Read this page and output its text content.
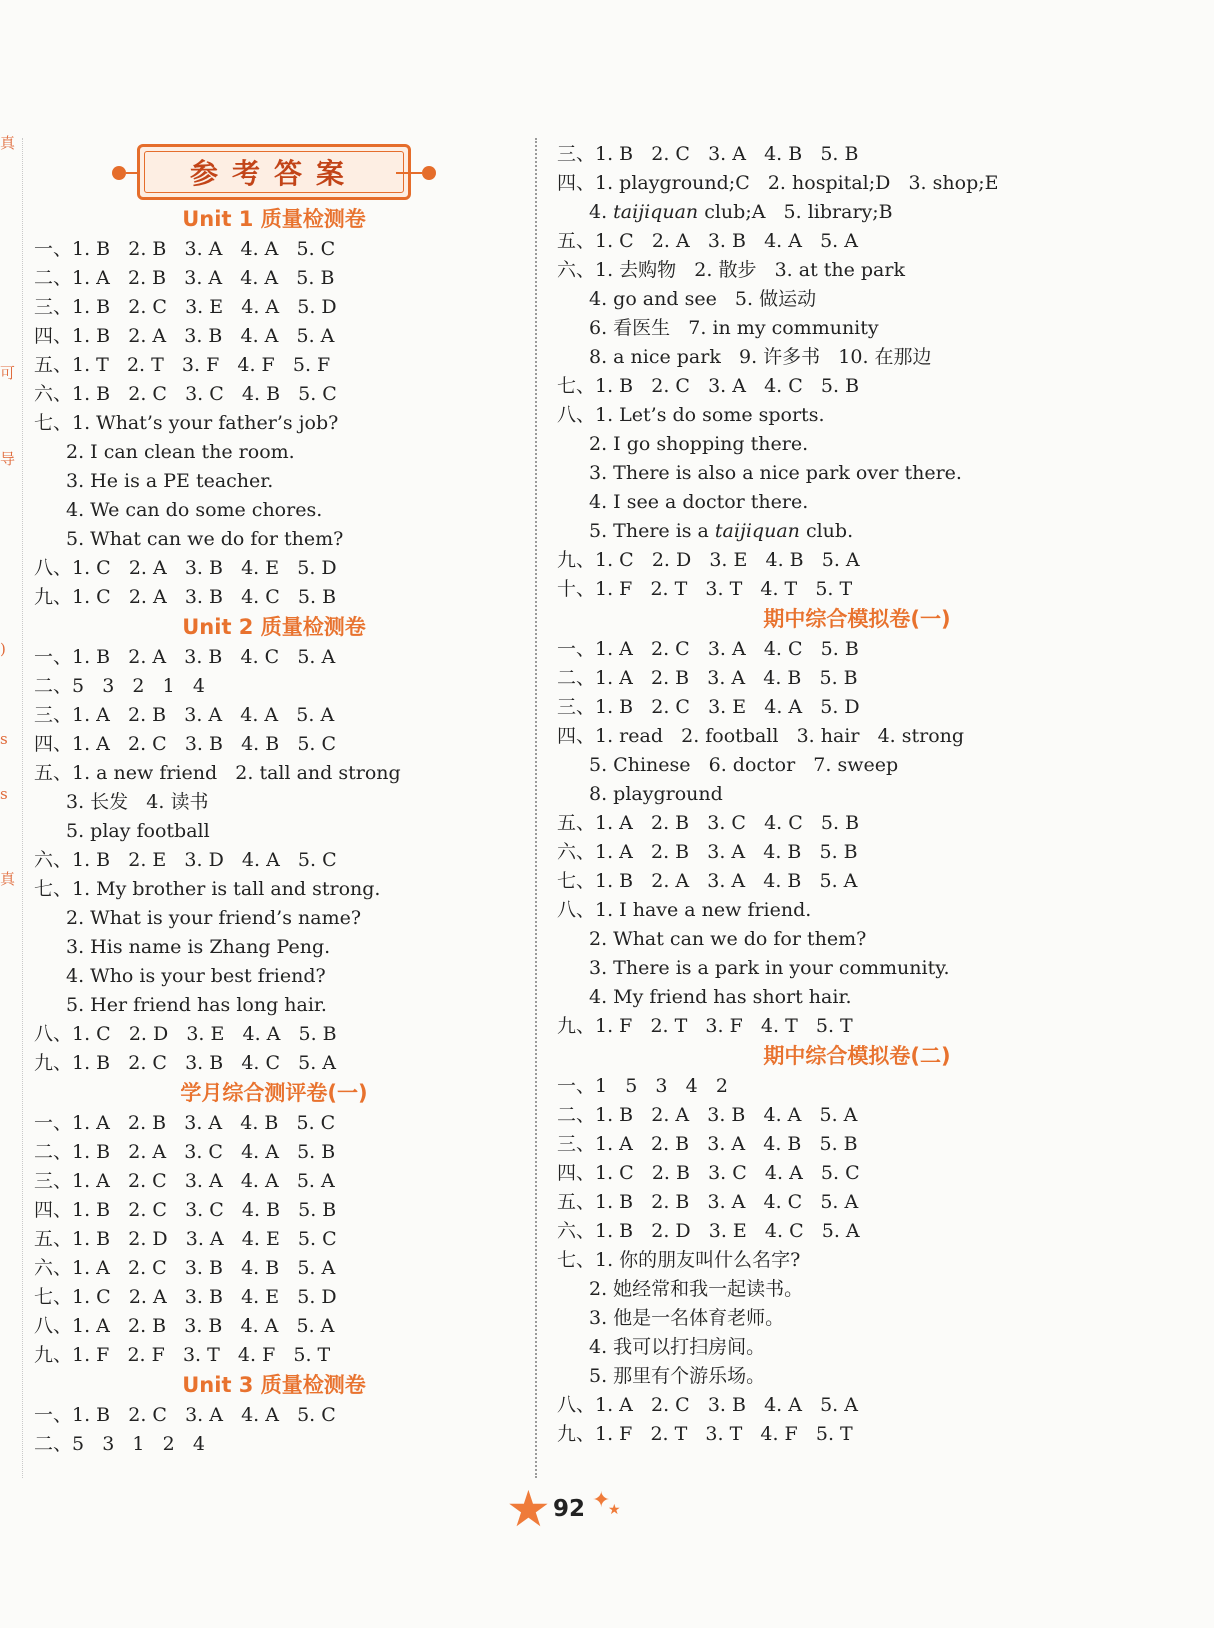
真
可
导
)
s
s
真
参考答案
Unit 1 质量检测卷
一、1. B   2. B   3. A   4. A   5. C
二、1. A   2. B   3. A   4. A   5. B
三、1. B   2. C   3. E   4. A   5. D
四、1. B   2. A   3. B   4. A   5. A
五、1. T   2. T   3. F   4. F   5. F
六、1. B   2. C   3. C   4. B   5. C
七、1. What’s your father’s job?
2. I can clean the room.
3. He is a PE teacher.
4. We can do some chores.
5. What can we do for them?
八、1. C   2. A   3. B   4. E   5. D
九、1. C   2. A   3. B   4. C   5. B
Unit 2 质量检测卷
一、1. B   2. A   3. B   4. C   5. A
二、5   3   2   1   4
三、1. A   2. B   3. A   4. A   5. A
四、1. A   2. C   3. B   4. B   5. C
五、1. a new friend   2. tall and strong
3. 长发   4. 读书
5. play football
六、1. B   2. E   3. D   4. A   5. C
七、1. My brother is tall and strong.
2. What is your friend’s name?
3. His name is Zhang Peng.
4. Who is your best friend?
5. Her friend has long hair.
八、1. C   2. D   3. E   4. A   5. B
九、1. B   2. C   3. B   4. C   5. A
学月综合测评卷(一)
一、1. A   2. B   3. A   4. B   5. C
二、1. B   2. A   3. C   4. A   5. B
三、1. A   2. C   3. A   4. A   5. A
四、1. B   2. C   3. C   4. B   5. B
五、1. B   2. D   3. A   4. E   5. C
六、1. A   2. C   3. B   4. B   5. A
七、1. C   2. A   3. B   4. E   5. D
八、1. A   2. B   3. B   4. A   5. A
九、1. F   2. F   3. T   4. F   5. T
Unit 3 质量检测卷
一、1. B   2. C   3. A   4. A   5. C
二、5   3   1   2   4
三、1. B   2. C   3. A   4. B   5. B
四、1. playground;C   2. hospital;D   3. shop;E
4. taijiquan club;A   5. library;B
五、1. C   2. A   3. B   4. A   5. A
六、1. 去购物   2. 散步   3. at the park
4. go and see   5. 做运动
6. 看医生   7. in my community
8. a nice park   9. 许多书   10. 在那边
七、1. B   2. C   3. A   4. C   5. B
八、1. Let’s do some sports.
2. I go shopping there.
3. There is also a nice park over there.
4. I see a doctor there.
5. There is a taijiquan club.
九、1. C   2. D   3. E   4. B   5. A
十、1. F   2. T   3. T   4. T   5. T
期中综合模拟卷(一)
一、1. A   2. C   3. A   4. C   5. B
二、1. A   2. B   3. A   4. B   5. B
三、1. B   2. C   3. E   4. A   5. D
四、1. read   2. football   3. hair   4. strong
5. Chinese   6. doctor   7. sweep
8. playground
五、1. A   2. B   3. C   4. C   5. B
六、1. A   2. B   3. A   4. B   5. B
七、1. B   2. A   3. A   4. B   5. A
八、1. I have a new friend.
2. What can we do for them?
3. There is a park in your community.
4. My friend has short hair.
九、1. F   2. T   3. F   4. T   5. T
期中综合模拟卷(二)
一、1   5   3   4   2
二、1. B   2. A   3. B   4. A   5. A
三、1. A   2. B   3. A   4. B   5. B
四、1. C   2. B   3. C   4. A   5. C
五、1. B   2. B   3. A   4. C   5. A
六、1. B   2. D   3. E   4. C   5. A
七、1. 你的朋友叫什么名字?
2. 她经常和我一起读书。
3. 他是一名体育老师。
4. 我可以打扫房间。
5. 那里有个游乐场。
八、1. A   2. C   3. B   4. A   5. A
九、1. F   2. T   3. T   4. F   5. T
★ 92 ✦
★
